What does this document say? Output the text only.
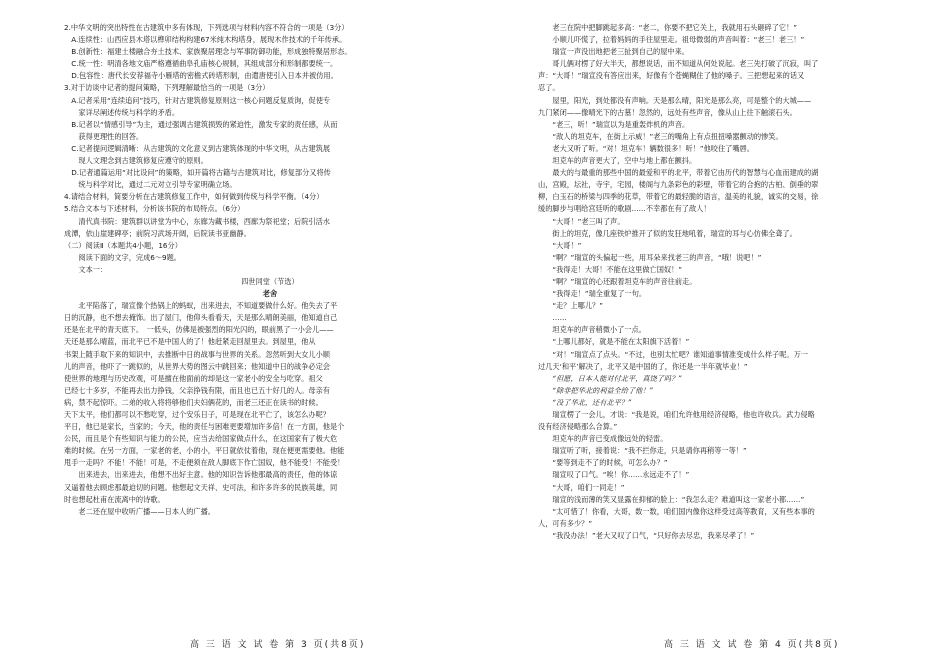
2.中华文明的突出特性在古建筑中多有体现，下列选项与材料内容不符合的一项是（3分）

A.连续性：山西应县木塔以榫卯结构构建67米纯木构塔身，展现木作技术的千年传承。

B.创新性：福建土楼融合夯土技术、家族聚居理念与军事防御功能，形成独特聚居形态。

C.统一性：明清各地文庙严格遵循曲阜孔庙核心规制，其组成部分和形制都要统一。

D.包容性：唐代长安荐福寺小雁塔的密檐式砖塔形制，由遣唐使引入日本并被仿用。

3.对于访谈中记者的提问策略，下列理解最恰当的一项是（3分）

A.记者采用“连续追问”技巧，针对古建筑修复原则这一核心问题反复质询，促使专

家详尽阐述传统与科学的矛盾。

B.记者以“情感引导”为主，通过强调古建筑损毁的紧迫性，激发专家的责任感，从而

获得更理性的回答。

C.记者提问逻辑清晰：从古建筑的文化意义到古建筑体现的中华文明，从古建筑展

现人文理念到古建筑修复应遵守的原则。

D.记者通篇运用“对比设问”的策略，如开篇将古籍与古建筑对比，修复部分又将传

统与科学对比，通过二元对立引导专家明确立场。

4.请结合材料，简要分析在古建筑修复工作中，如何做到传统与科学平衡。（4分）

5.结合文本与下述材料，分析该书院的布局特点。（6分）

清代真书院：建筑群以讲堂为中心，东廊为藏书楼，西廊为祭祀堂；后院引活水

成潭，依山崖建碑亭；前院习武场开阔，后院读书亚幽静。

（二）阅读Ⅱ（本题共4小题，16分）

阅读下面的文字，完成6～9题。

文本一：

四世同堂（节选）

老舍

北平陷落了，瑞宣像个热锅上的蚂蚁，出来进去，不知道要做什么好。他失去了平

日的沉静，也不想去掩饰。出了屋门，他仰头看看天，天是那么晴朗美丽，他知道自己

还是在北平的青天底下。　一低头，仿佛是被强烈的阳光闪的，眼前黑了一小会儿——

天还是那么晴蓝，而北平已不是中国人的了！他赶紧走回屋里去。到屋里，他从

书架上随手取下来的知识中，去推断中日的战事与世界的关系。忽然听到大女儿小顺

儿的声音，他吓了一跳似的，从世界大势的图云中跳回来；他知道中日的战争必定会

使世界的地理与历史改观，可是擅在他面前的却是这一家老小的安全与吃穿。祖父

已经七十多岁，不能再去出力挣钱，父亲挣钱有限，而且也已五十好几的人。母亲有

病，禁不起惊吓。二弟的收入将将够他们夫妇俩花的，而老三还正在读书的时候。

天下太平，他们都可以不愁吃穿，过个安乐日子，可是现在北平亡了，该怎么办呢？

平日，他已是家长，当家的；今天，他的责任与困难更要增加许多倍！在一方面，他是个

公民，而且是个有些知识与能力的公民，应当去给国家做点什么，在这国家有了极大危

难的时候。在另一方面，一家老的老，小的小，平日就依仗着他，现在便更需要他。他能

甩手一走吗？不能！不能！可是，不走便须在敌人脚底下作亡国奴，他不能受！不能受！

出来进去，出来进去，他想不出好主意。他的知识告诉他那最高的责任，他的体谅

又逼着他去顾虑那最迫切的问题。他想起文天祥、史可法，和许多许多的民族英雄，同

时也想起杜甫在流离中的诗歌。

老二还在屋中收听广播——日本人的广播。

高 三 语 文 试 卷 第 3 页(共8页)

老三在院中把脚跳起多高：“老二，你要不把它关上，我就用石头砸碎了它！”

小顺儿吓慌了，拉着妈妈的手往屋里走。祖母微弱的声音叫着：“老三！老三！”

瑞宣一声没出地把老三扯到自己的屋中来。

哥儿俩对楞了好大半天，都想说话，而不知道从何处说起。老三先打破了沉寂，叫了

声：“大哥！”瑞宣没有答应出来，好像有个苍蝇糊住了他的嗓子。三把想起来的话又

忍了。

屋里，阳光，到处都没有声响。天是那么晴，阳光是那么亮，可是整个的大城——

九门紧闭——像晴光下的古墓！忽然的，远处有些声音，像从山上往下触滚石头。

“老三，听！”瑞宣以为是重轰炸机的声音。

“敌人的坦克车，在街上示威！”老三的嘴角上有点扭扭嗓嚣颤动的惨笑。

老大又听了听。“对！坦克车！辆数很多！听！”他咬住了嘴唇。

坦克车的声音更大了，空中与地上都在颤抖。

最大的与最重的那些中国的最爱和平的北平，带着它由历代的智慧与心血而建成的湖

山，宫殿，坛社，寺宇，宅园，楼阁与九条彩色的彩壁，带着它的合抱的古柏、倒垂的翠

柳，白玉石的桥梁与四季的花草，带着它的最轻脆的语言，温美的礼貌，诚实的交易，徐

缓的脚步与唱给宫廷听的歌剧……不幸都在有了敌人！

“大哥！”老三叫了声。

街上的坦克，像几座铁炉推开了似的发狂地吼着，瑞宣的耳与心仿佛全聋了。

“大哥！”

“啊？”瑞宣的头偏起一些，用耳朵来找老三的声音，“哦！说吧！”

“我得走！大哥！不能在这里做亡国奴！”

“啊？”瑞宣的心还跟着坦克车的声音往前走。

“我得走！”瑞全重复了一句。

“走？上哪儿？”

……

坦克车的声音稍微小了一点。

“上哪儿都好，就是不能在太阳旗下活着！”

“对！”瑞宣点了点头。“不过，也别太忙吧？谁知道事情准变成什么样子呢。万一

过几天‘和平’解决了，北平又是中国的了，你还是一半年就毕业！”

“但愿，日本人能对付北平，真饶了吗？”

“除非把华北的利益全给了他！”

“没了华北，还有北平？”

瑞宣楞了一会儿，才说：“我是说，咱们允许他用经济侵略，他也许收兵。武力侵略

没有经济侵略那么合算。”

坦克车的声音已变成像远处的轻雷。

瑞宣听了听，接着说：“我不拦你走，只是请你再稍等一等！”

“要等到走不了的时候，可怎么办？”

瑞宣叹了口气。“唉！你……永远走不了！”

“大哥，咱们一同走！”

瑞宣的浅而薄的笑又显露在抑郁的脸上：“我怎么走？难道叫这一家老小都……”

“太可惜了！你看，大哥，数一数，咱们国内像你这样受过高等教育，又有些本事的

人，可有多少？”

“我没办法！”老大又叹了口气，“只好你去尽忠，我来尽孝了！”

高 三 语 文 试 卷 第 4 页(共8页)
